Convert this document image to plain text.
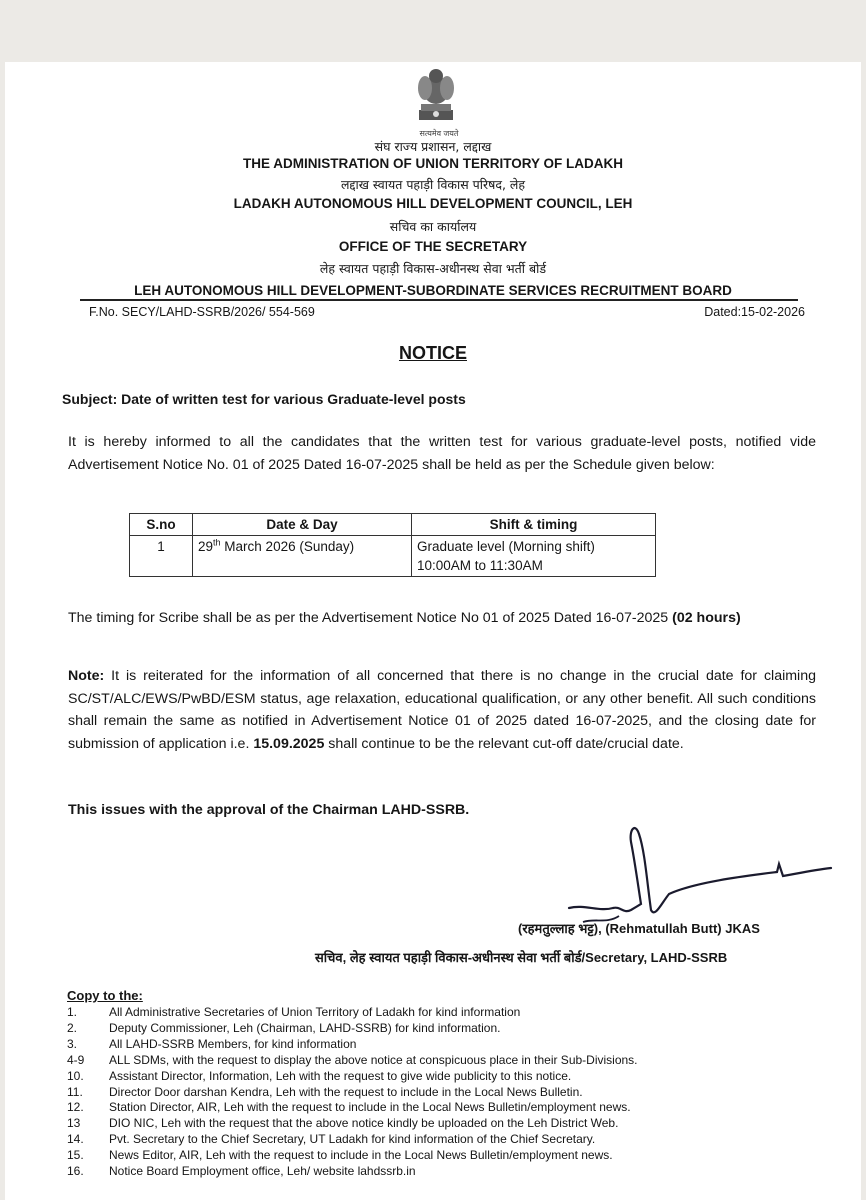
सत्यमेव जयते
संघ राज्य प्रशासन, लद्दाख
THE ADMINISTRATION OF UNION TERRITORY OF LADAKH
लद्दाख स्वायत पहाड़ी विकास परिषद, लेह
LADAKH AUTONOMOUS HILL DEVELOPMENT COUNCIL, LEH
सचिव का कार्यालय
OFFICE OF THE SECRETARY
लेह स्वायत पहाड़ी विकास-अधीनस्थ सेवा भर्ती बोर्ड
LEH AUTONOMOUS HILL DEVELOPMENT-SUBORDINATE SERVICES RECRUITMENT BOARD
F.No. SECY/LAHD-SSRB/2026/ 554-569	Dated:15-02-2026
NOTICE
Subject: Date of written test for various Graduate-level posts

It is hereby informed to all the candidates that the written test for various graduate-level posts, notified vide Advertisement Notice No. 01 of 2025 Dated 16-07-2025 shall be held as per the Schedule given below:

S.no	Date & Day	Shift & timing
1	29th March 2026 (Sunday)	Graduate level (Morning shift)
10:00AM to 11:30AM

The timing for Scribe shall be as per the Advertisement Notice No 01 of 2025 Dated 16-07-2025 (02 hours)

Note: It is reiterated for the information of all concerned that there is no change in the crucial date for claiming SC/ST/ALC/EWS/PwBD/ESM status, age relaxation, educational qualification, or any other benefit. All such conditions shall remain the same as notified in Advertisement Notice 01 of 2025 dated 16-07-2025, and the closing date for submission of application i.e. 15.09.2025 shall continue to be the relevant cut-off date/crucial date.

This issues with the approval of the Chairman LAHD-SSRB.

(रहमतुल्लाह भट्ट), (Rehmatullah Butt) JKAS
सचिव, लेह स्वायत पहाड़ी विकास-अधीनस्थ सेवा भर्ती बोर्ड/Secretary, LAHD-SSRB
Copy to the:
1.	All Administrative Secretaries of Union Territory of Ladakh for kind information
2.	Deputy Commissioner, Leh (Chairman, LAHD-SSRB) for kind information.
3.	All LAHD-SSRB Members, for kind information
4-9	ALL SDMs, with the request to display the above notice at conspicuous place in their Sub-Divisions.
10.	Assistant Director, Information, Leh with the request to give wide publicity to this notice.
11.	Director Door darshan Kendra, Leh with the request to include in the Local News Bulletin.
12.	Station Director, AIR, Leh with the request to include in the Local News Bulletin/employment news.
13	DIO NIC, Leh with the request that the above notice kindly be uploaded on the Leh District Web.
14.	Pvt. Secretary to the Chief Secretary, UT Ladakh for kind information of the Chief Secretary.
15.	News Editor, AIR, Leh with the request to include in the Local News Bulletin/employment news.
16.	Notice Board Employment office, Leh/ website lahdssrb.in
